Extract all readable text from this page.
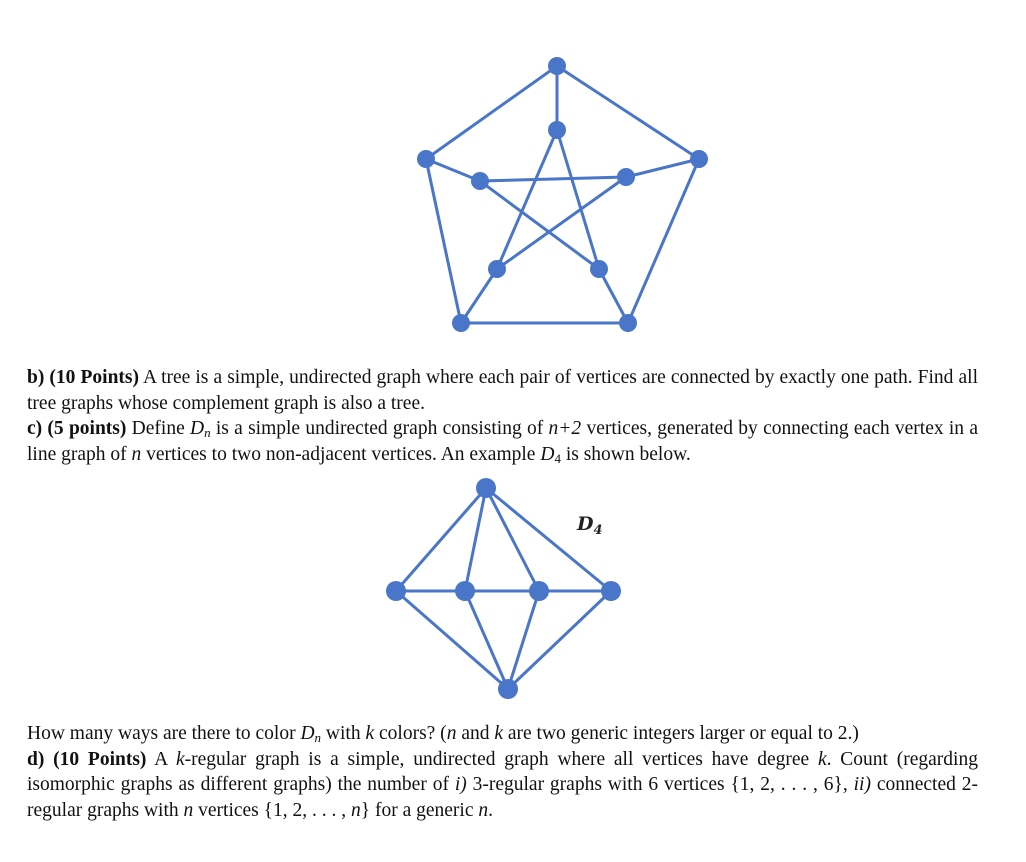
$D_4$
b) (10 Points) A tree is a simple, undirected graph where each pair of vertices are connected by exactly one path. Find all tree graphs whose complement graph is also a tree.
c) (5 points) Define $D_n$ is a simple undirected graph consisting of n+2 vertices, generated by connecting each vertex in a line graph of n vertices to two non-adjacent vertices. An example $D_4$ is shown below.
How many ways are there to color $D_n$ with k colors? (n and k are two generic integers larger or equal to 2.)
d) (10 Points) A k-regular graph is a simple, undirected graph where all vertices have degree k. Count (regarding isomorphic graphs as different graphs) the number of i) 3-regular graphs with 6 vertices {1, 2, . . . , 6}, ii) connected 2-regular graphs with n vertices {1, 2, . . . , n} for a generic n.
